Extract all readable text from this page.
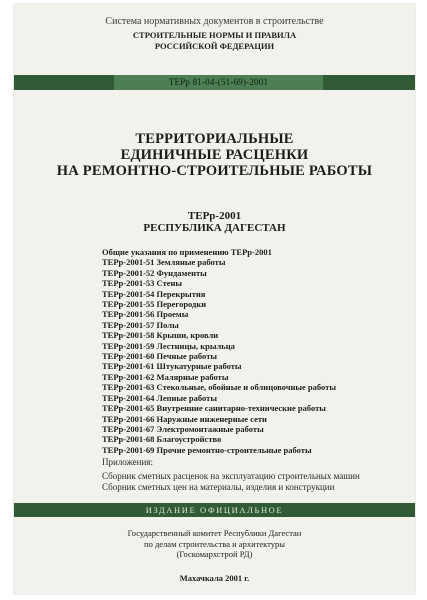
Система нормативных документов в строительстве
СТРОИТЕЛЬНЫЕ НОРМЫ И ПРАВИЛА
РОССИЙСКОЙ ФЕДЕРАЦИИ
ТЕРр 81-04-(51-69)-2001
ТЕРРИТОРИАЛЬНЫЕ
ЕДИНИЧНЫЕ РАСЦЕНКИ
НА РЕМОНТНО-СТРОИТЕЛЬНЫЕ РАБОТЫ
ТЕРр-2001
РЕСПУБЛИКА ДАГЕСТАН
Общие указания по применению ТЕРр-2001
ТЕРр-2001-51 Земляные работы
ТЕРр-2001-52 Фундаменты
ТЕРр-2001-53 Стены
ТЕРр-2001-54 Перекрытия
ТЕРр-2001-55 Перегородки
ТЕРр-2001-56 Проемы
ТЕРр-2001-57 Полы
ТЕРр-2001-58 Крыши, кровли
ТЕРр-2001-59 Лестницы, крыльца
ТЕРр-2001-60 Печные работы
ТЕРр-2001-61 Штукатурные работы
ТЕРр-2001-62 Малярные работы
ТЕРр-2001-63 Стекольные, обойные и облицовочные работы
ТЕРр-2001-64 Лепные работы
ТЕРр-2001-65 Внутренние санитарно-технические работы
ТЕРр-2001-66 Наружные инженерные сети
ТЕРр-2001-67 Электромонтажные работы
ТЕРр-2001-68 Благоустройство
ТЕРр-2001-69 Прочие ремонтно-строительные работы
Приложения:
Сборник сметных расценок на эксплуатацию строительных машин
Сборник сметных цен на материалы, изделия и конструкции
ИЗДАНИЕ ОФИЦИАЛЬНОЕ
Государственный комитет Республики Дагестан
по делам строительства и архитектуры
(Госкомархстрой РД)
Махачкала 2001 г.
